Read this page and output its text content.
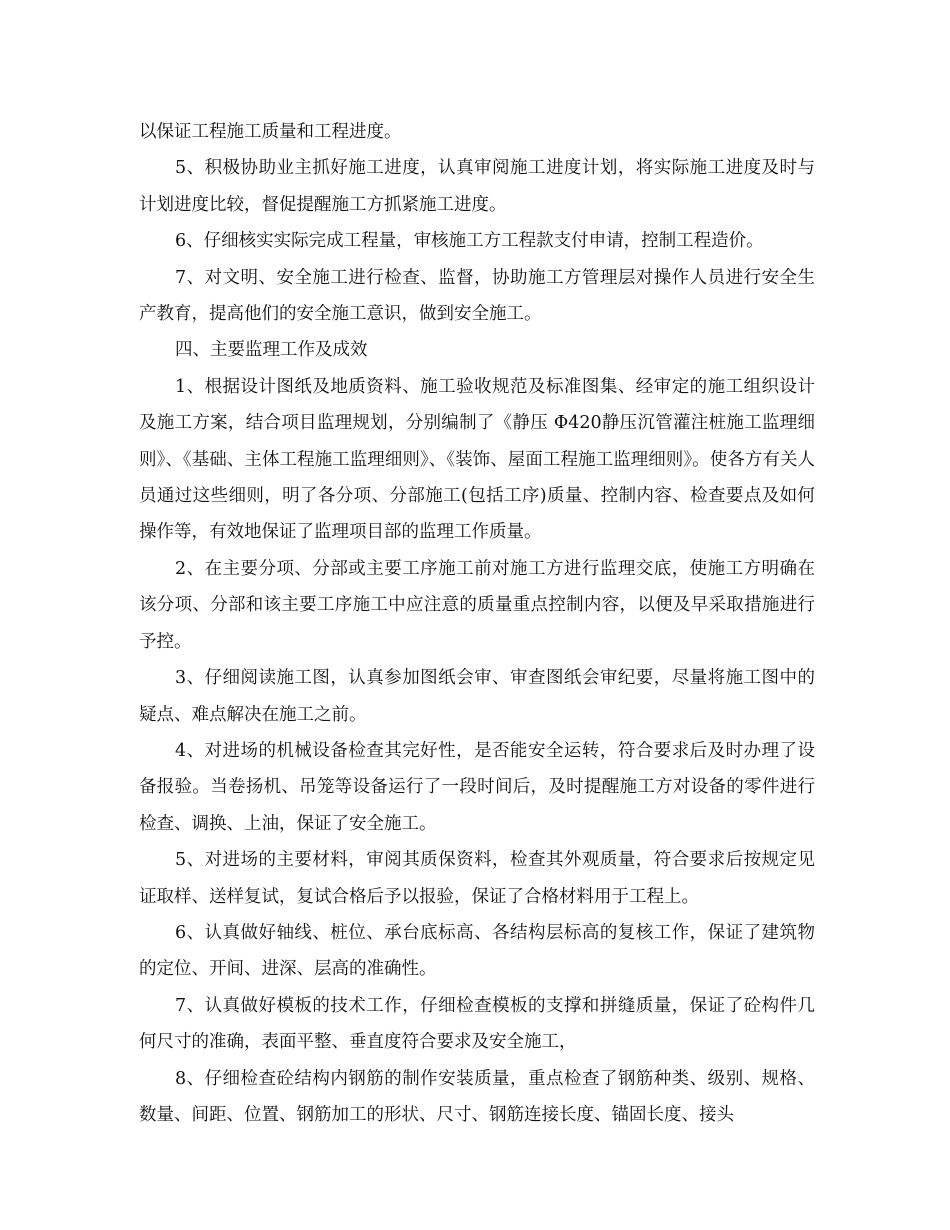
以保证工程施工质量和工程进度。

5、积极协助业主抓好施工进度，认真审阅施工进度计划，将实际施工进度及时与计划进度比较，督促提醒施工方抓紧施工进度。

6、仔细核实实际完成工程量，审核施工方工程款支付申请，控制工程造价。

7、对文明、安全施工进行检查、监督，协助施工方管理层对操作人员进行安全生产教育，提高他们的安全施工意识，做到安全施工。

四、主要监理工作及成效

1、根据设计图纸及地质资料、施工验收规范及标准图集、经审定的施工组织设计及施工方案，结合项目监理规划，分别编制了《静压 Φ420静压沉管灌注桩施工监理细则》、《基础、主体工程施工监理细则》、《装饰、屋面工程施工监理细则》。使各方有关人员通过这些细则，明了各分项、分部施工(包括工序)质量、控制内容、检查要点及如何操作等，有效地保证了监理项目部的监理工作质量。

2、在主要分项、分部或主要工序施工前对施工方进行监理交底，使施工方明确在该分项、分部和该主要工序施工中应注意的质量重点控制内容，以便及早采取措施进行予控。

3、仔细阅读施工图，认真参加图纸会审、审查图纸会审纪要，尽量将施工图中的疑点、难点解决在施工之前。

4、对进场的机械设备检查其完好性，是否能安全运转，符合要求后及时办理了设备报验。当卷扬机、吊笼等设备运行了一段时间后，及时提醒施工方对设备的零件进行检查、调换、上油，保证了安全施工。

5、对进场的主要材料，审阅其质保资料，检查其外观质量，符合要求后按规定见证取样、送样复试，复试合格后予以报验，保证了合格材料用于工程上。

6、认真做好轴线、桩位、承台底标高、各结构层标高的复核工作，保证了建筑物的定位、开间、进深、层高的准确性。

7、认真做好模板的技术工作，仔细检查模板的支撑和拼缝质量，保证了砼构件几何尺寸的准确，表面平整、垂直度符合要求及安全施工，

8、仔细检查砼结构内钢筋的制作安装质量，重点检查了钢筋种类、级别、规格、数量、间距、位置、钢筋加工的形状、尺寸、钢筋连接长度、锚固长度、接头
